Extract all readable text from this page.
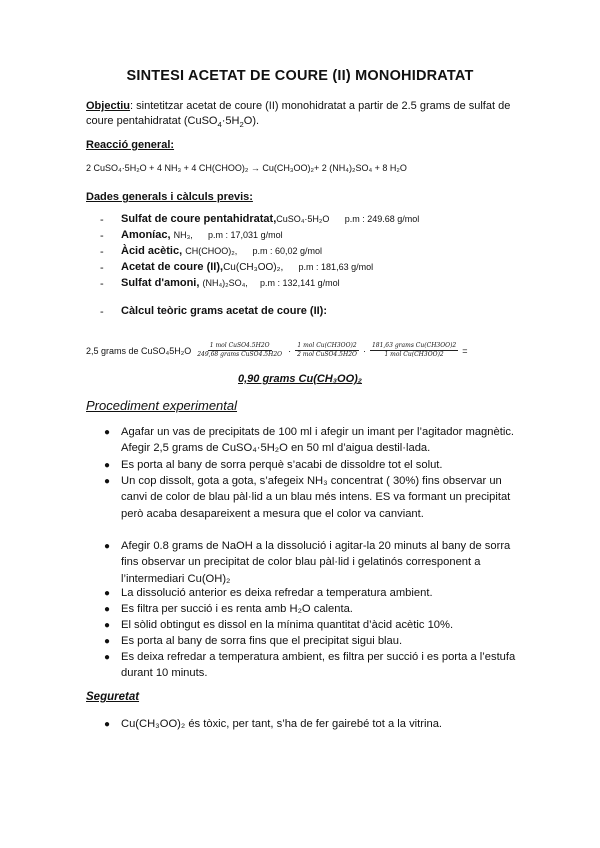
SINTESI ACETAT DE COURE (II) MONOHIDRATAT
Objectiu: sintetitzar acetat de coure (II) monohidratat a partir de 2.5 grams de sulfat de coure pentahidratat $(CuSO_4\cdot 5H_2O)$.
Reacció general:
2 CuSO₄·5H₂O + 4 NH₃ + 4 CH(CHOO)₂ → Cu(CH₃OO)₂+ 2 (NH₄)₂SO₄ + 8 H₂O
Dades generals i càlculs previs:
- Sulfat de coure pentahidratat,CuSO₄·5H₂O p.m : 249.68 g/mol
- Amoníac, NH₃, p.m : 17,031 g/mol
- Àcid acètic, CH(CHOO)₂, p.m : 60,02 g/mol
- Acetat de coure (II),Cu(CH₃OO)₂, p.m : 181,63 g/mol
- Sulfat d'amoni, (NH₄)₂SO₄, p.m : 132,141 g/mol
- Càlcul teòric grams acetat de coure (II):
2,5 grams de CuSO₄5H₂O $\frac{\text{1 mol CuSO4.5H2O}}{\text{249,68 grams CuSO4.5H2O}} \cdot \frac{\text{1 mol Cu(CH3OO)2}}{\text{2 mol CuSO4.5H2O}} \cdot \frac{\text{181,63 grams Cu(CH3OO)2}}{\text{1 mol Cu(CH3OO)2}}$ =
0,90 grams Cu(CH₃OO)₂
Procediment experimental
● Agafar un vas de precipitats de 100 ml i afegir un imant per l’agitador magnètic. Afegir 2,5 grams de CuSO₄·5H₂O en 50 ml d’aigua destil·lada.
● Es porta al bany de sorra perquè s’acabi de dissoldre tot el solut.
● Un cop dissolt, gota a gota, s’afegeix NH₃ concentrat ( 30%) fins observar un canvi de color de blau pàl·lid a un blau més intens. ES va formant un precipitat però acaba desapareixent a mesura que el color va canviant.
● Afegir 0.8 grams de NaOH a la dissolució i agitar-la 20 minuts al bany de sorra fins observar un precipitat de color blau pàl·lid i gelatinós corresponent a l’intermediari Cu(OH)₂
● La dissolució anterior es deixa refredar a temperatura ambient.
● Es filtra per succió i es renta amb H₂O calenta.
● El sòlid obtingut es dissol en la mínima quantitat d’àcid acètic 10%.
● Es porta al bany de sorra fins que el precipitat sigui blau.
● Es deixa refredar a temperatura ambient, es filtra per succió i es porta a l’estufa durant 10 minuts.
Seguretat
● Cu(CH₃OO)₂ és tòxic, per tant, s’ha de fer gairebé tot a la vitrina.
